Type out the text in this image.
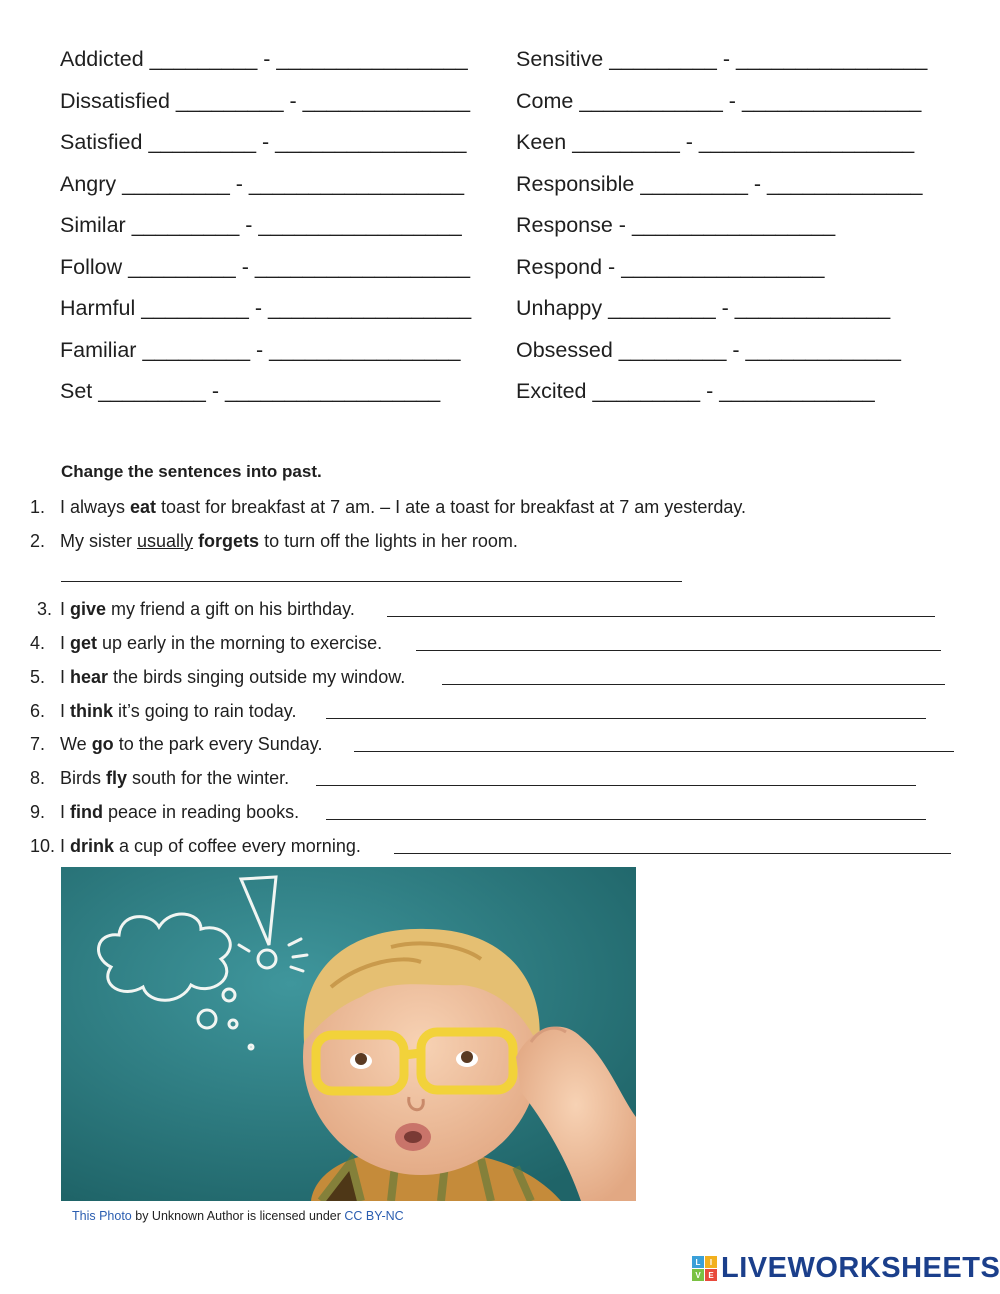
Addicted _________ - ________________
Dissatisfied _________ - ______________
Satisfied _________ - ________________
Angry _________ - __________________
Similar _________ - _________________
Follow _________ - __________________
Harmful _________ - _________________
Familiar _________ - ________________
Set _________ - __________________
Sensitive _________ - ________________
Come ____________ - _______________
Keen _________ - __________________
Responsible _________ - _____________
Response - _________________
Respond - _________________
Unhappy _________ - _____________
Obsessed _________ - _____________
Excited _________ - _____________
Change the sentences into past.
1. I always eat toast for breakfast at 7 am. – I ate a toast for breakfast at 7 am yesterday.
2. My sister usually forgets to turn off the lights in her room.
3. I give my friend a gift on his birthday.
4. I get up early in the morning to exercise.
5. I hear the birds singing outside my window.
6. I think it’s going to rain today.
7. We go to the park every Sunday.
8. Birds fly south for the winter.
9. I find peace in reading books.
10. I drink a cup of coffee every morning.
This Photo by Unknown Author is licensed under CC BY-NC
L	I
V E LIVEWORKSHEETS
